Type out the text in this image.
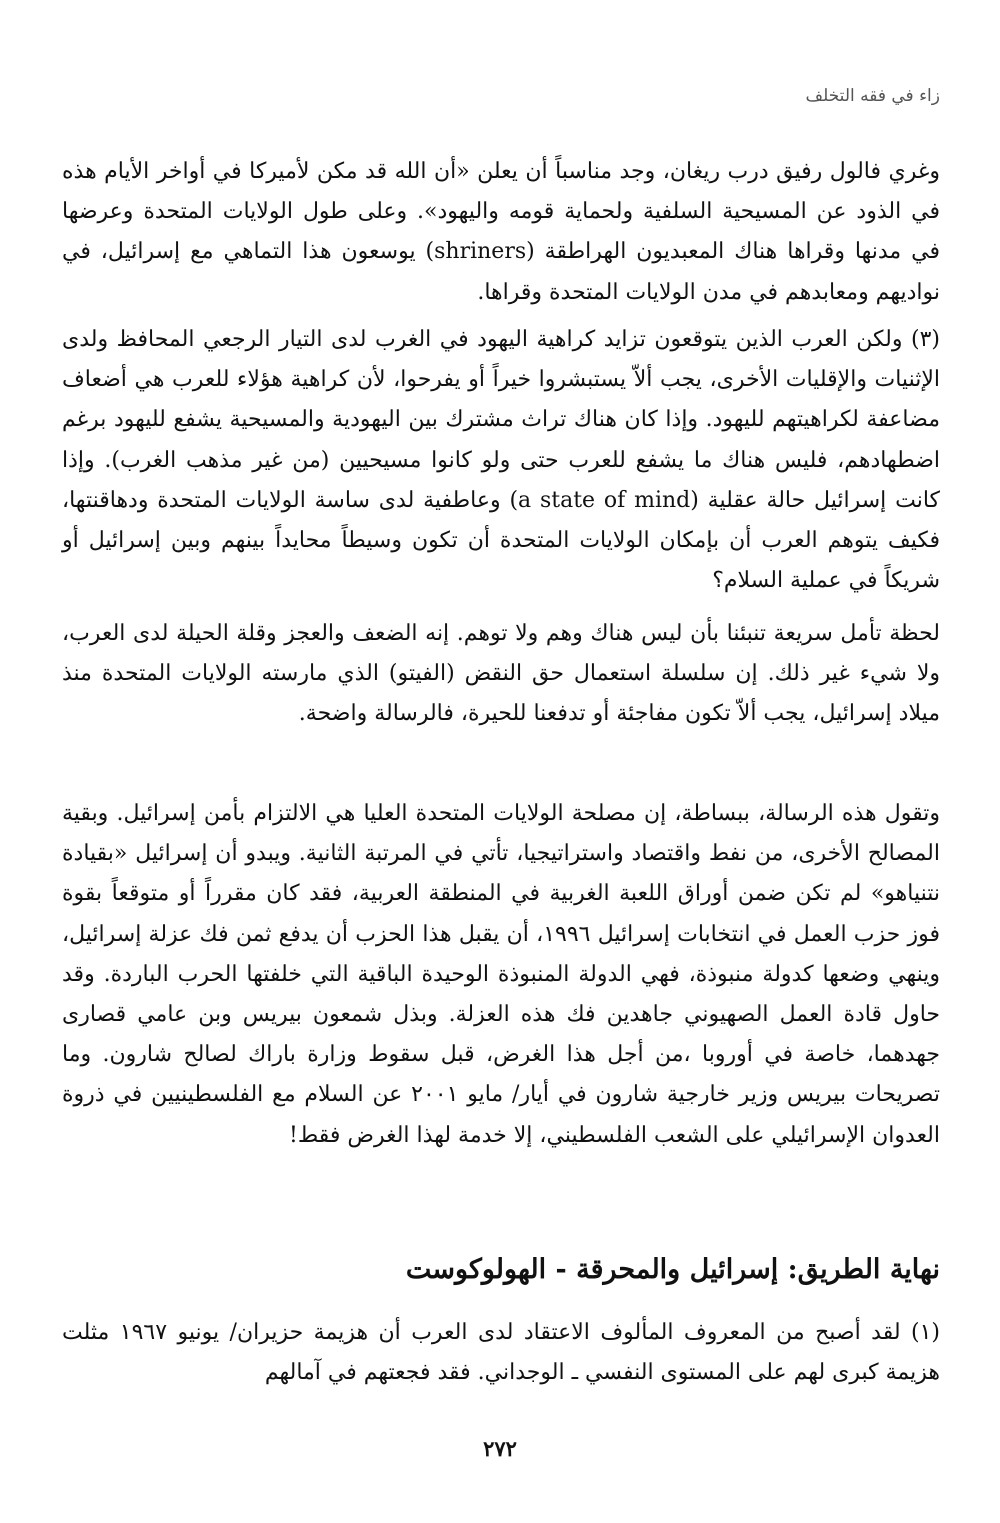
زاء في فقه التخلف

وغري فالول رفيق درب ريغان، وجد مناسباً أن يعلن «أن الله قد مكن لأميركا في أواخر الأيام هذه في الذود عن المسيحية السلفية ولحماية قومه واليهود». وعلى طول الولايات المتحدة وعرضها في مدنها وقراها هناك المعبديون الهراطقة (shriners) يوسعون هذا التماهي مع إسرائيل، في نواديهم ومعابدهم في مدن الولايات المتحدة وقراها.

(٣) ولكن العرب الذين يتوقعون تزايد كراهية اليهود في الغرب لدى التيار الرجعي المحافظ ولدى الإثنيات والإقليات الأخرى، يجب ألاّ يستبشروا خيراً أو يفرحوا، لأن كراهية هؤلاء للعرب هي أضعاف مضاعفة لكراهيتهم لليهود. وإذا كان هناك تراث مشترك بين اليهودية والمسيحية يشفع لليهود برغم اضطهادهم، فليس هناك ما يشفع للعرب حتى ولو كانوا مسيحيين (من غير مذهب الغرب). وإذا كانت إسرائيل حالة عقلية (a state of mind) وعاطفية لدى ساسة الولايات المتحدة ودهاقنتها، فكيف يتوهم العرب أن بإمكان الولايات المتحدة أن تكون وسيطاً محايداً بينهم وبين إسرائيل أو شريكاً في عملية السلام؟

لحظة تأمل سريعة تنبئنا بأن ليس هناك وهم ولا توهم. إنه الضعف والعجز وقلة الحيلة لدى العرب، ولا شيء غير ذلك. إن سلسلة استعمال حق النقض (الفيتو) الذي مارسته الولايات المتحدة منذ ميلاد إسرائيل، يجب ألاّ تكون مفاجئة أو تدفعنا للحيرة، فالرسالة واضحة.

وتقول هذه الرسالة، ببساطة، إن مصلحة الولايات المتحدة العليا هي الالتزام بأمن إسرائيل. وبقية المصالح الأخرى، من نفط واقتصاد واستراتيجيا، تأتي في المرتبة الثانية. ويبدو أن إسرائيل «بقيادة نتنياهو» لم تكن ضمن أوراق اللعبة الغربية في المنطقة العربية، فقد كان مقرراً أو متوقعاً بقوة فوز حزب العمل في انتخابات إسرائيل ١٩٩٦، أن يقبل هذا الحزب أن يدفع ثمن فك عزلة إسرائيل، وينهي وضعها كدولة منبوذة، فهي الدولة المنبوذة الوحيدة الباقية التي خلفتها الحرب الباردة. وقد حاول قادة العمل الصهيوني جاهدين فك هذه العزلة. وبذل شمعون بيريس وبن عامي قصارى جهدهما، خاصة في أوروبا ،من أجل هذا الغرض، قبل سقوط وزارة باراك لصالح شارون. وما تصريحات بيريس وزير خارجية شارون في أيار/ مايو ٢٠٠١ عن السلام مع الفلسطينيين في ذروة العدوان الإسرائيلي على الشعب الفلسطيني، إلا خدمة لهذا الغرض فقط!

نهاية الطريق: إسرائيل والمحرقة - الهولوكوست

(١) لقد أصبح من المعروف المألوف الاعتقاد لدى العرب أن هزيمة حزيران/ يونيو ١٩٦٧ مثلت هزيمة كبرى لهم على المستوى النفسي ـ الوجداني. فقد فجعتهم في آمالهم

٢٧٢
